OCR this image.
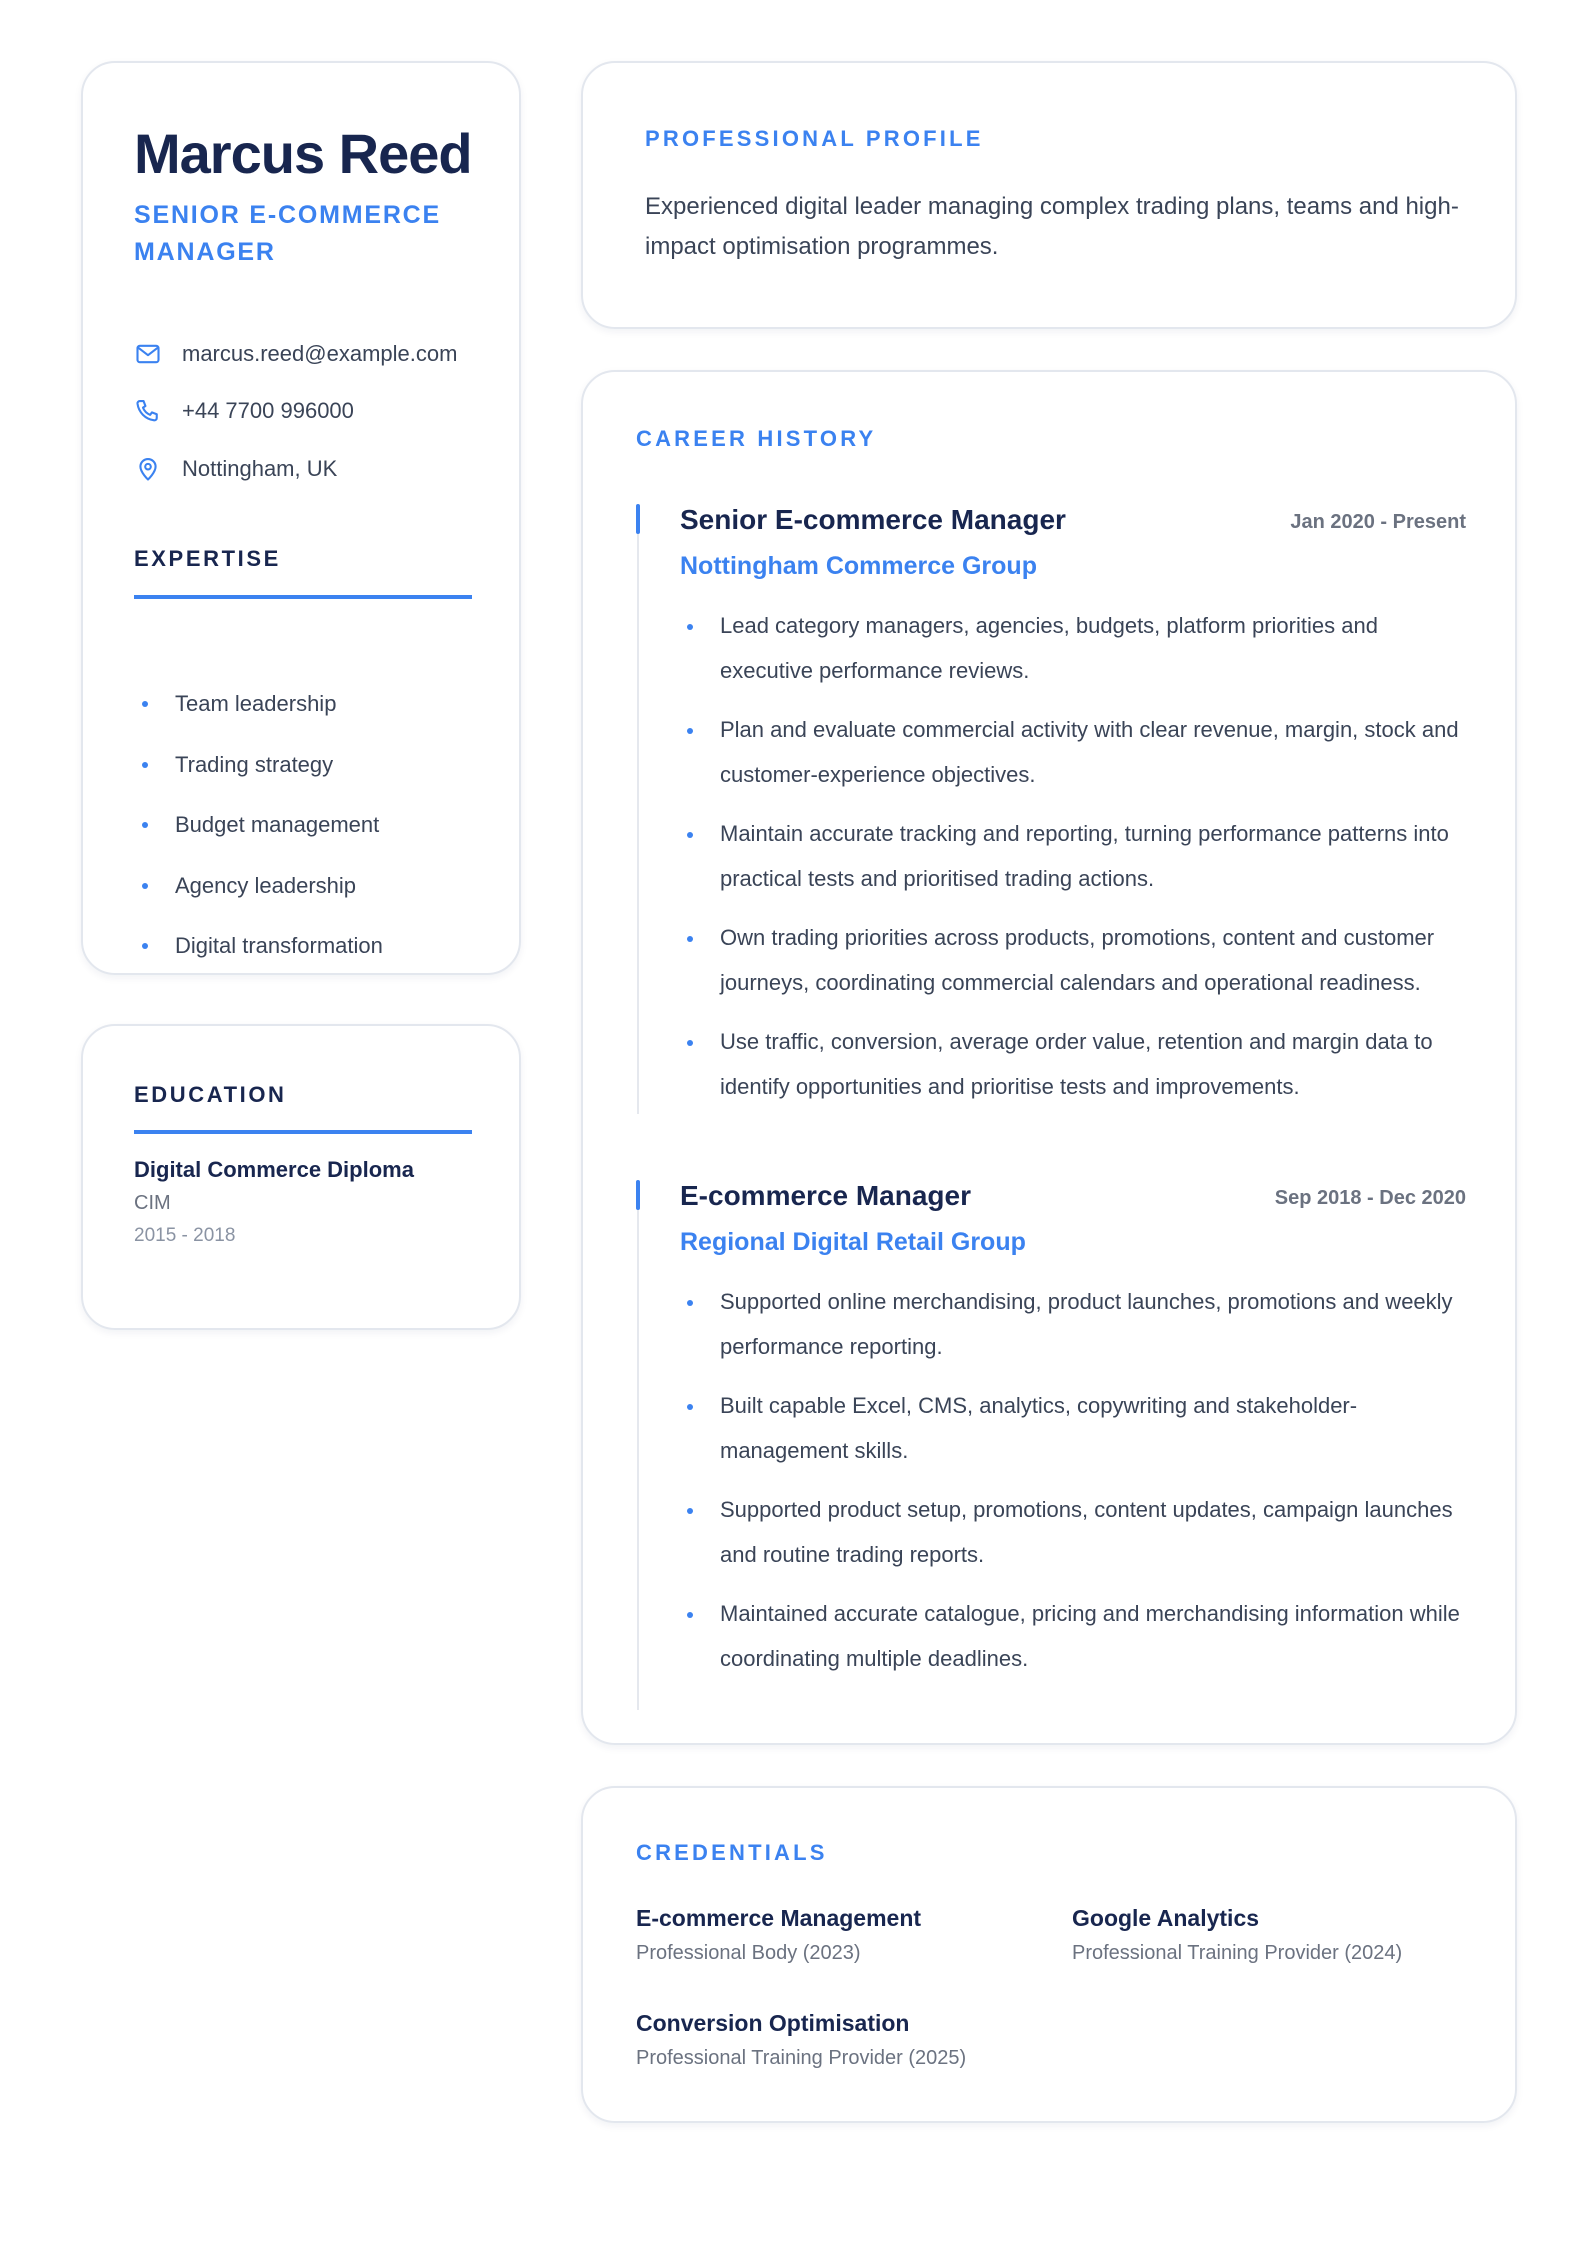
Marcus Reed
SENIOR E-COMMERCE MANAGER
marcus.reed@example.com
+44 7700 996000
Nottingham, UK
EXPERTISE
Team leadership
Trading strategy
Budget management
Agency leadership
Digital transformation
EDUCATION
Digital Commerce Diploma
CIM
2015 - 2018
PROFESSIONAL PROFILE
Experienced digital leader managing complex trading plans, teams and high-impact optimisation programmes.
CAREER HISTORY
Senior E-commerce Manager	Jan 2020 - Present
Nottingham Commerce Group
Lead category managers, agencies, budgets, platform priorities and executive performance reviews.
Plan and evaluate commercial activity with clear revenue, margin, stock and customer-experience objectives.
Maintain accurate tracking and reporting, turning performance patterns into practical tests and prioritised trading actions.
Own trading priorities across products, promotions, content and customer journeys, coordinating commercial calendars and operational readiness.
Use traffic, conversion, average order value, retention and margin data to identify opportunities and prioritise tests and improvements.
E-commerce Manager	Sep 2018 - Dec 2020
Regional Digital Retail Group
Supported online merchandising, product launches, promotions and weekly performance reporting.
Built capable Excel, CMS, analytics, copywriting and stakeholder-management skills.
Supported product setup, promotions, content updates, campaign launches and routine trading reports.
Maintained accurate catalogue, pricing and merchandising information while coordinating multiple deadlines.
CREDENTIALS
E-commerce Management
Professional Body (2023)
Google Analytics
Professional Training Provider (2024)
Conversion Optimisation
Professional Training Provider (2025)
